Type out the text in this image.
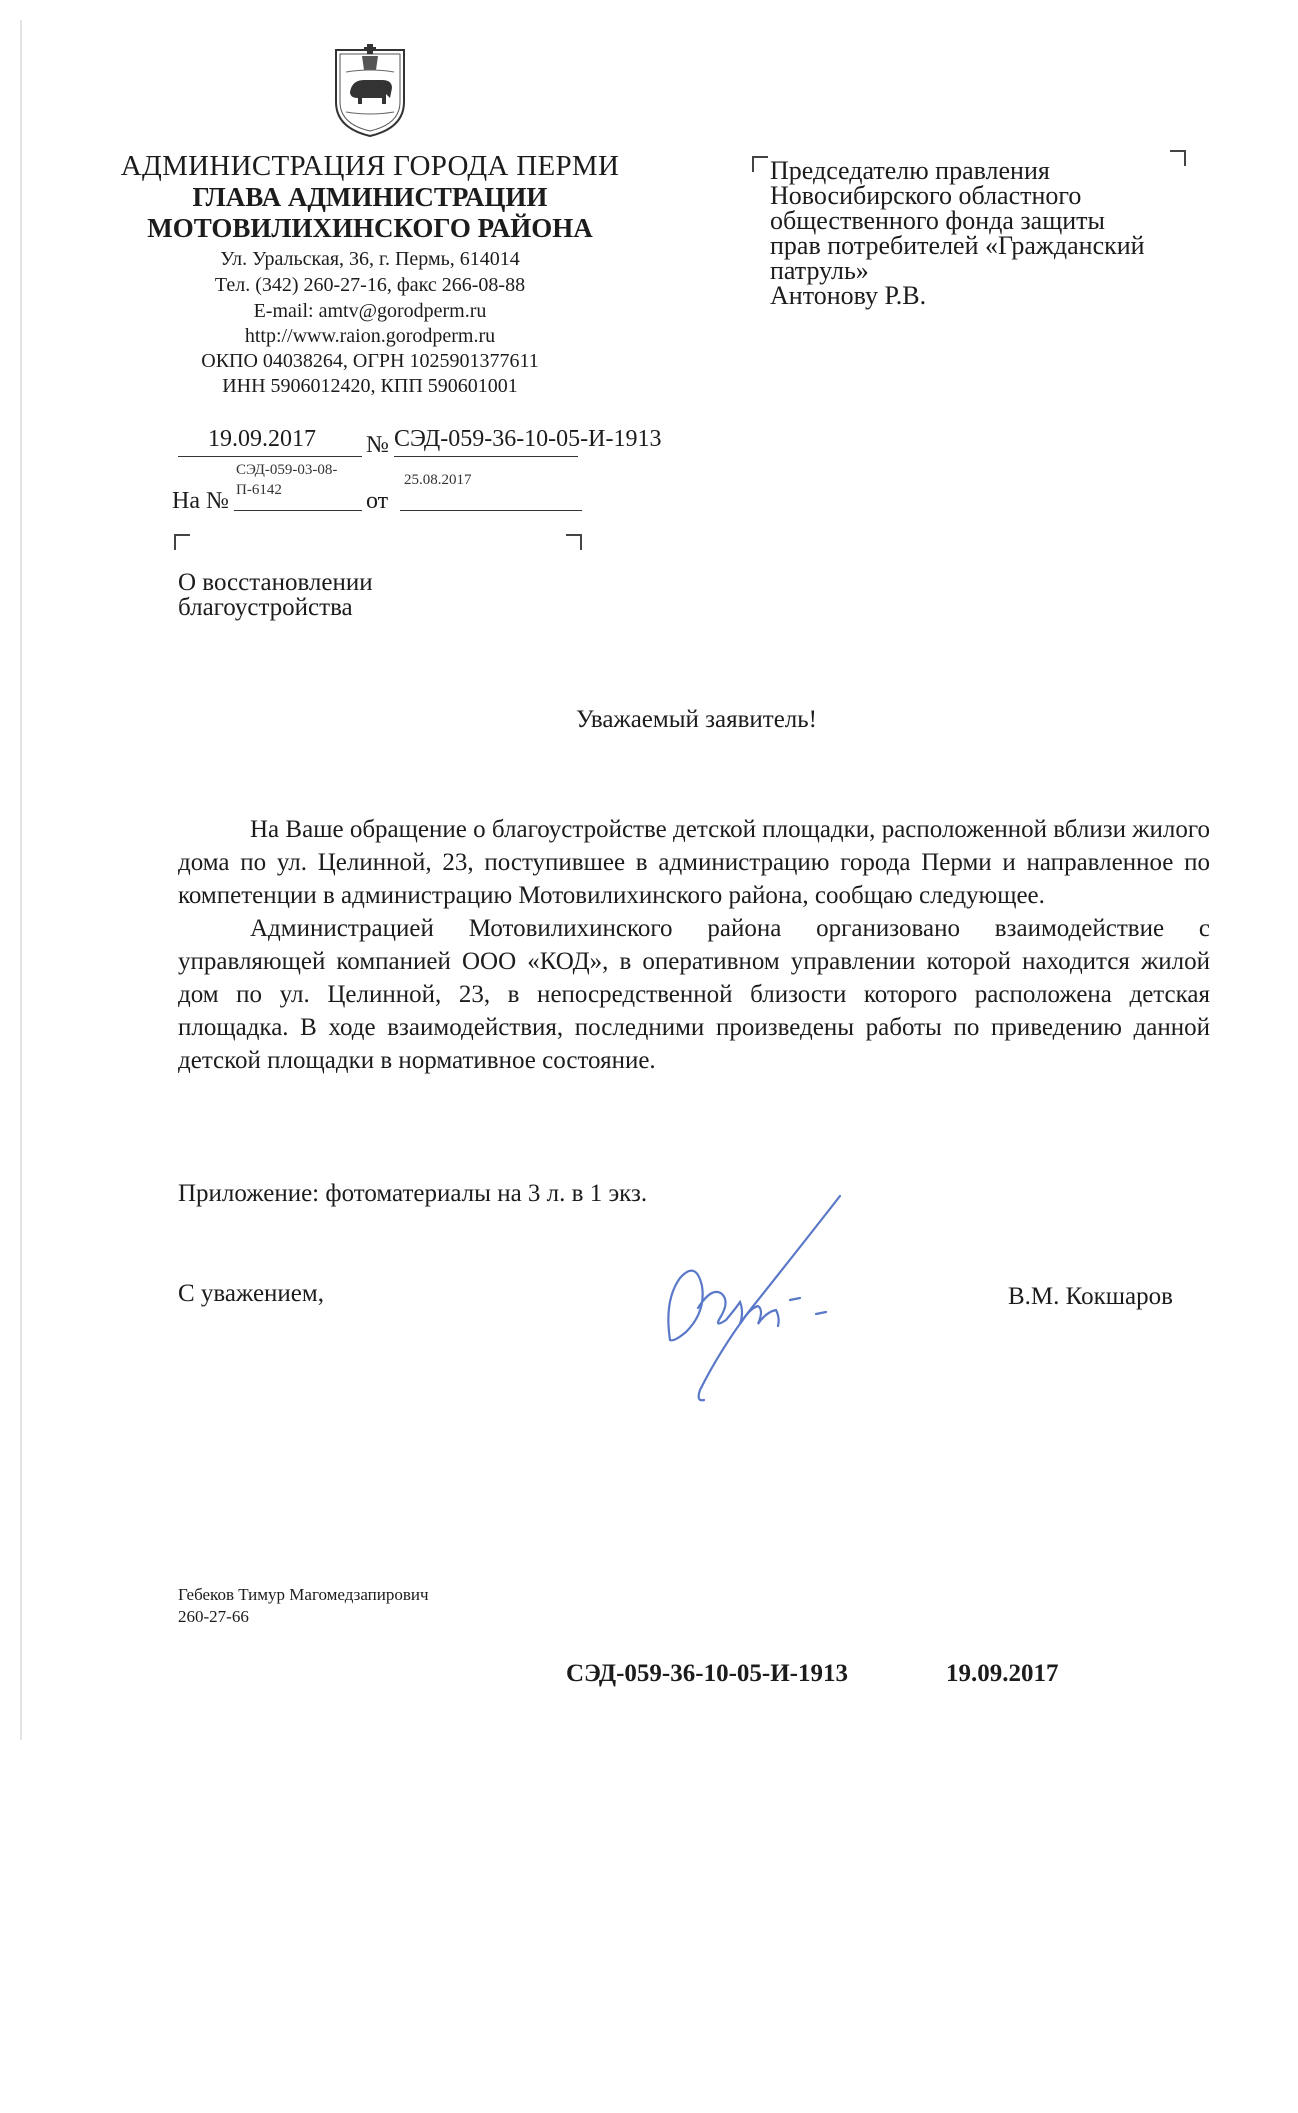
АДМИНИСТРАЦИЯ ГОРОДА ПЕРМИ
ГЛАВА АДМИНИСТРАЦИИ
МОТОВИЛИХИНСКОГО РАЙОНА
Ул. Уральская, 36, г. Пермь, 614014
Тел. (342) 260-27-16, факс 266-08-88
E-mail: amtv@gorodperm.ru
http://www.raion.gorodperm.ru
ОКПО 04038264, ОГРН 1025901377611
ИНН 5906012420, КПП 590601001
Председателю правления
Новосибирского областного
общественного фонда защиты
прав потребителей «Гражданский
патруль»
Антонову Р.В.
19.09.2017 № СЭД-059-36-10-05-И-1913
СЭД-059-03-08-
На № П-6142	от
25.08.2017
О восстановлении
благоустройства
Уважаемый заявитель!

На Ваше обращение о благоустройстве детской площадки, расположенной вблизи жилого дома по ул. Целинной, 23, поступившее в администрацию города Перми и направленное по компетенции в администрацию Мотовилихинского района, сообщаю следующее.

Администрацией Мотовилихинского района организовано взаимодействие с управляющей компанией ООО «КОД», в оперативном управлении которой находится жилой дом по ул. Целинной, 23, в непосредственной близости которого расположена детская площадка. В ходе взаимодействия, последними произведены работы по приведению данной детской площадки в нормативное состояние.

Приложение: фотоматериалы на 3 л. в 1 экз.
С уважением,	В.М. Кокшаров
Гебеков Тимур Магомедзапирович
260-27-66
СЭД-059-36-10-05-И-1913	19.09.2017
